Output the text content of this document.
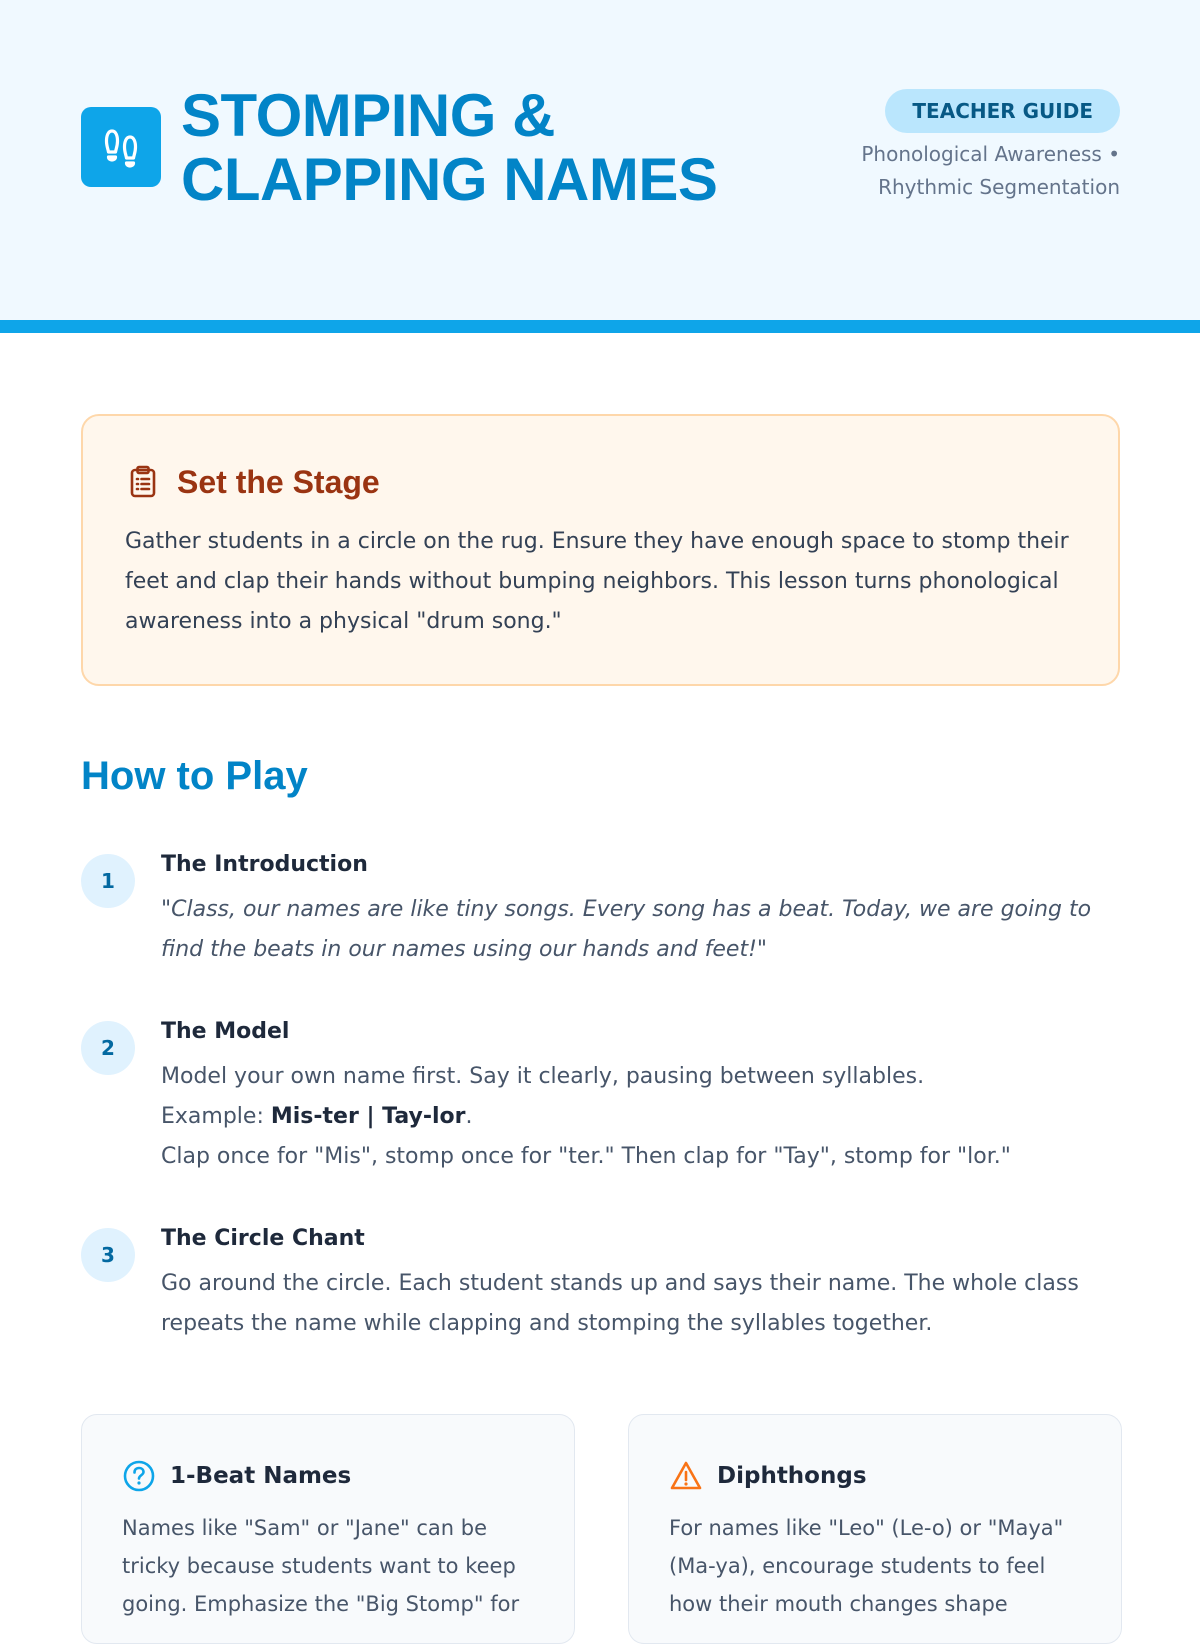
STOMPING &
CLAPPING NAMES
TEACHER GUIDE
Phonological Awareness • Rhythmic Segmentation
Set the Stage

Gather students in a circle on the rug. Ensure they have enough space to stomp their feet and clap their hands without bumping neighbors. This lesson turns phonological awareness into a physical "drum song."

How to Play
1
The Introduction

"Class, our names are like tiny songs. Every song has a beat. Today, we are going to find the beats in our names using our hands and feet!"

2
The Model

Model your own name first. Say it clearly, pausing between syllables.
Example: Mis-ter | Tay-lor.
Clap once for "Mis", stomp once for "ter." Then clap for "Tay", stomp for "lor."

3
The Circle Chant

Go around the circle. Each student stands up and says their name. The whole class repeats the name while clapping and stomping the syllables together.

1-Beat Names

Names like "Sam" or "Jane" can be tricky because students want to keep going. Emphasize the "Big Stomp" for

Diphthongs

For names like "Leo" (Le-o) or "Maya" (Ma-ya), encourage students to feel how their mouth changes shape
